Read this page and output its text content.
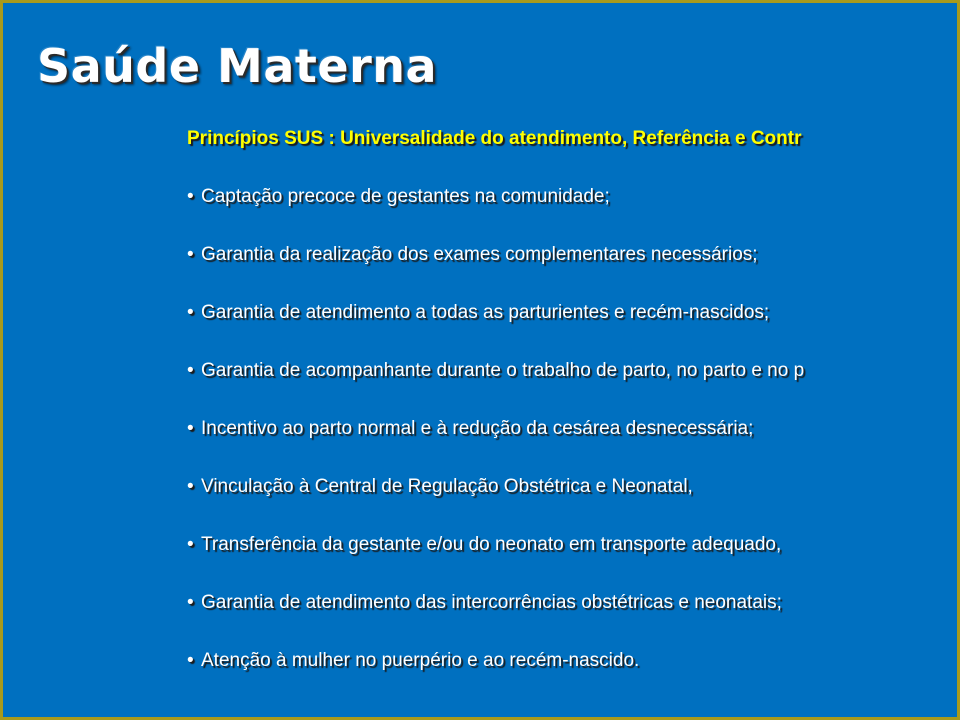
Saúde Materna

Princípios SUS : Universalidade do atendimento, Referência e Contr

• Captação precoce de gestantes na comunidade;
• Garantia da realização dos exames complementares necessários;
• Garantia de atendimento a todas as parturientes e recém-nascidos;
• Garantia de acompanhante durante o trabalho de parto, no parto e no p
• Incentivo ao parto normal e à redução da cesárea desnecessária;
• Vinculação à Central de Regulação Obstétrica e Neonatal,
• Transferência da gestante e/ou do neonato em transporte adequado,
• Garantia de atendimento das intercorrências obstétricas e neonatais;
• Atenção à mulher no puerpério e ao recém-nascido.
